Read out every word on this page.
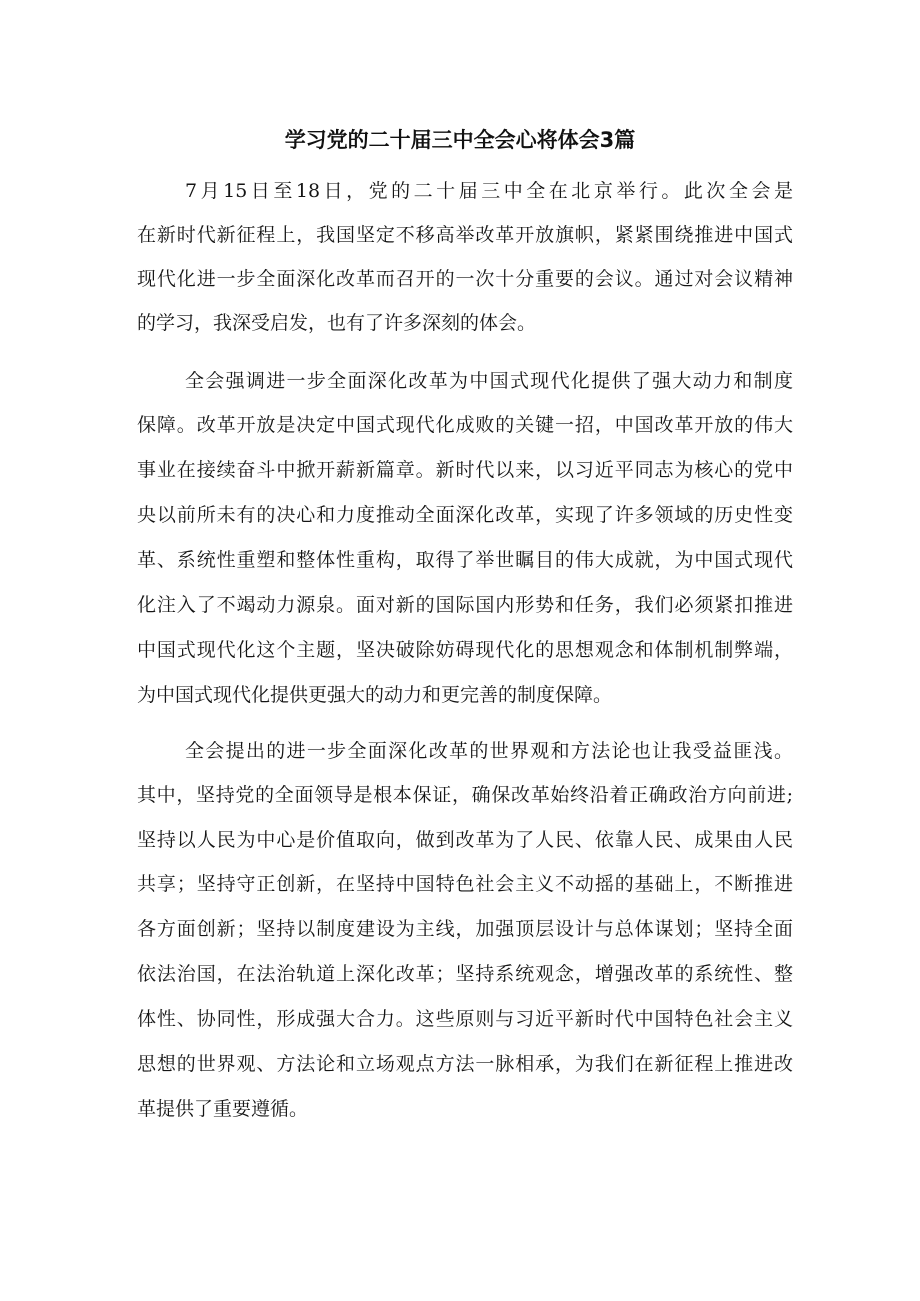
学习党的二十届三中全会心将体会3篇

7月15日至18日，党的二十届三中全在北京举行。此次全会是

在新时代新征程上，我国坚定不移高举改革开放旗帜，紧紧围绕推进中国式

现代化进一步全面深化改革而召开的一次十分重要的会议。通过对会议精神

的学习，我深受启发，也有了许多深刻的体会。

全会强调进一步全面深化改革为中国式现代化提供了强大动力和制度

保障。改革开放是决定中国式现代化成败的关键一招，中国改革开放的伟大

事业在接续奋斗中掀开薪新篇章。新时代以来，以习近平同志为核心的党中

央以前所未有的决心和力度推动全面深化改革，实现了许多领域的历史性变

革、系统性重塑和整体性重构，取得了举世瞩目的伟大成就，为中国式现代

化注入了不竭动力源泉。面对新的国际国内形势和任务，我们必须紧扣推进

中国式现代化这个主题，坚决破除妨碍现代化的思想观念和体制机制弊端，

为中国式现代化提供更强大的动力和更完善的制度保障。

全会提出的进一步全面深化改革的世界观和方法论也让我受益匪浅。

其中，坚持党的全面领导是根本保证，确保改革始终沿着正确政治方向前进;

坚持以人民为中心是价值取向，做到改革为了人民、依靠人民、成果由人民

共享；坚持守正创新，在坚持中国特色社会主义不动摇的基础上，不断推进

各方面创新；坚持以制度建设为主线，加强顶层设计与总体谋划；坚持全面

依法治国，在法治轨道上深化改革；坚持系统观念，增强改革的系统性、整

体性、协同性，形成强大合力。这些原则与习近平新时代中国特色社会主义

思想的世界观、方法论和立场观点方法一脉相承，为我们在新征程上推进改

革提供了重要遵循。
